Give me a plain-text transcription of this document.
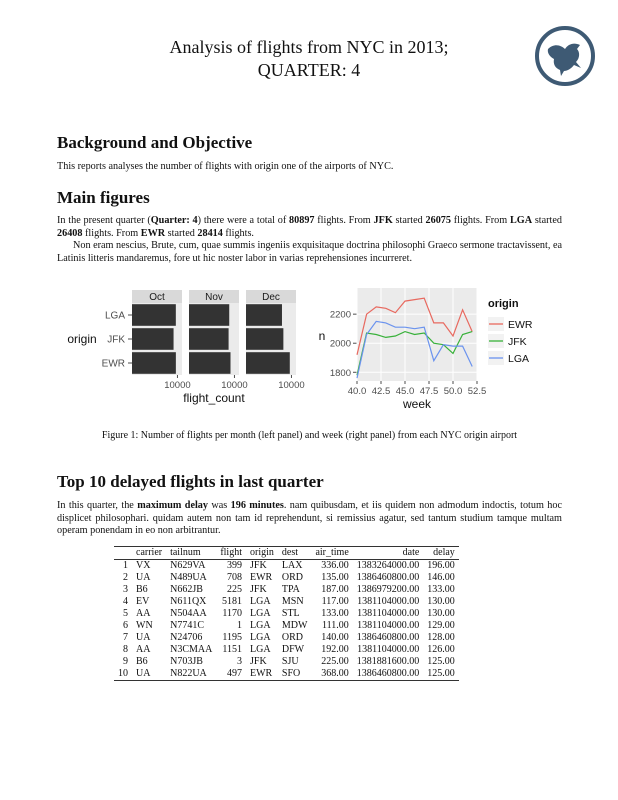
Analysis of flights from NYC in 2013;
QUARTER: 4
Background and Objective

This reports analyses the number of flights with origin one of the airports of NYC.

Main figures

In the present quarter (Quarter: 4) there were a total of 80897 flights. From JFK started 26075 flights. From LGA started 26408 flights. From EWR started 28414 flights.

Non eram nescius, Brute, cum, quae summis ingeniis exquisitaque doctrina philosophi Graeco sermone tractavissent, ea Latinis litteris mandaremus, fore ut hic noster labor in varias reprehensiones incurreret.

EWR
JFK
LGA
origin
Oct
10000
Nov
10000
Dec
10000
flight_count
1800
2000
2200
40.0 42.5 45.0 47.5 50.0 52.5
n
week
origin
EWR
JFK
LGA
Figure 1: Number of flights per month (left panel) and week (right panel) from each NYC origin airport
Top 10 delayed flights in last quarter

In this quarter, the maximum delay was 196 minutes. nam quibusdam, et iis quidem non admodum indoctis, totum hoc displicet philosophari. quidam autem non tam id reprehendunt, si remissius agatur, sed tantum studium tamque multam operam ponendam in eo non arbitrantur.

	carrier	tailnum	flight	origin	dest	air_time	date	delay
1	VX	N629VA	399	JFK	LAX	336.00	1383264000.00	196.00
2	UA	N489UA	708	EWR	ORD	135.00	1386460800.00	146.00
3	B6	N662JB	225	JFK	TPA	187.00	1386979200.00	133.00
4	EV	N611QX	5181	LGA	MSN	117.00	1381104000.00	130.00
5	AA	N504AA	1170	LGA	STL	133.00	1381104000.00	130.00
6	WN	N7741C	1	LGA	MDW	111.00	1381104000.00	129.00
7	UA	N24706	1195	LGA	ORD	140.00	1386460800.00	128.00
8	AA	N3CMAA	1151	LGA	DFW	192.00	1381104000.00	126.00
9	B6	N703JB	3	JFK	SJU	225.00	1381881600.00	125.00
10	UA	N822UA	497	EWR	SFO	368.00	1386460800.00	125.00
